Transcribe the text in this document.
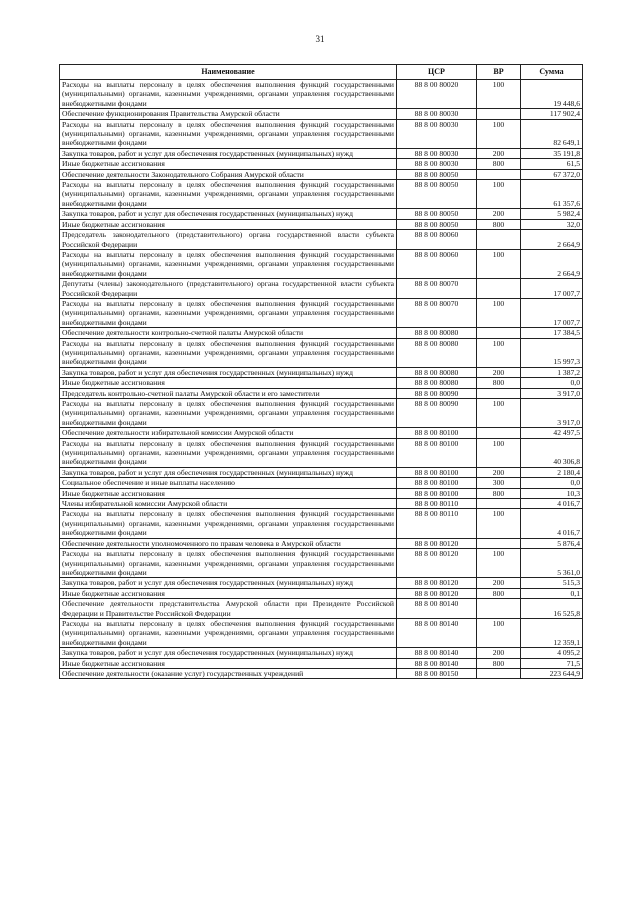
31
Наименование	ЦСР	ВР	Сумма
Расходы на выплаты персоналу в целях обеспечения выполнения функций государственными (муниципальными) органами, казенными учреждениями, органами управления государственными внебюджетными фондами	88 8 00 80020	100	19 448,6
Обеспечение функционирования Правительства Амурской области	88 8 00 80030		117 902,4
Расходы на выплаты персоналу в целях обеспечения выполнения функций государственными (муниципальными) органами, казенными учреждениями, органами управления государственными внебюджетными фондами	88 8 00 80030	100	82 649,1
Закупка товаров, работ и услуг для обеспечения государственных (муниципальных) нужд	88 8 00 80030	200	35 191,8
Иные бюджетные ассигнования	88 8 00 80030	800	61,5
Обеспечение деятельности Законодательного Собрания Амурской области	88 8 00 80050		67 372,0
Расходы на выплаты персоналу в целях обеспечения выполнения функций государственными (муниципальными) органами, казенными учреждениями, органами управления государственными внебюджетными фондами	88 8 00 80050	100	61 357,6
Закупка товаров, работ и услуг для обеспечения государственных (муниципальных) нужд	88 8 00 80050	200	5 982,4
Иные бюджетные ассигнования	88 8 00 80050	800	32,0
Председатель законодательного (представительного) органа государственной власти субъекта Российской Федерации	88 8 00 80060		2 664,9
Расходы на выплаты персоналу в целях обеспечения выполнения функций государственными (муниципальными) органами, казенными учреждениями, органами управления государственными внебюджетными фондами	88 8 00 80060	100	2 664,9
Депутаты (члены) законодательного (представительного) органа государственной власти субъекта Российской Федерации	88 8 00 80070		17 007,7
Расходы на выплаты персоналу в целях обеспечения выполнения функций государственными (муниципальными) органами, казенными учреждениями, органами управления государственными внебюджетными фондами	88 8 00 80070	100	17 007,7
Обеспечение деятельности контрольно-счетной палаты Амурской области	88 8 00 80080		17 384,5
Расходы на выплаты персоналу в целях обеспечения выполнения функций государственными (муниципальными) органами, казенными учреждениями, органами управления государственными внебюджетными фондами	88 8 00 80080	100	15 997,3
Закупка товаров, работ и услуг для обеспечения государственных (муниципальных) нужд	88 8 00 80080	200	1 387,2
Иные бюджетные ассигнования	88 8 00 80080	800	0,0
Председатель контрольно-счетной палаты Амурской области и его заместители	88 8 00 80090		3 917,0
Расходы на выплаты персоналу в целях обеспечения выполнения функций государственными (муниципальными) органами, казенными учреждениями, органами управления государственными внебюджетными фондами	88 8 00 80090	100	3 917,0
Обеспечение деятельности избирательной комиссии Амурской области	88 8 00 80100		42 497,5
Расходы на выплаты персоналу в целях обеспечения выполнения функций государственными (муниципальными) органами, казенными учреждениями, органами управления государственными внебюджетными фондами	88 8 00 80100	100	40 306,8
Закупка товаров, работ и услуг для обеспечения государственных (муниципальных) нужд	88 8 00 80100	200	2 180,4
Социальное обеспечение и иные выплаты населению	88 8 00 80100	300	0,0
Иные бюджетные ассигнования	88 8 00 80100	800	10,3
Члены избирательной комиссии Амурской области	88 8 00 80110		4 016,7
Расходы на выплаты персоналу в целях обеспечения выполнения функций государственными (муниципальными) органами, казенными учреждениями, органами управления государственными внебюджетными фондами	88 8 00 80110	100	4 016,7
Обеспечение деятельности уполномоченного по правам человека в Амурской области	88 8 00 80120		5 876,4
Расходы на выплаты персоналу в целях обеспечения выполнения функций государственными (муниципальными) органами, казенными учреждениями, органами управления государственными внебюджетными фондами	88 8 00 80120	100	5 361,0
Закупка товаров, работ и услуг для обеспечения государственных (муниципальных) нужд	88 8 00 80120	200	515,3
Иные бюджетные ассигнования	88 8 00 80120	800	0,1
Обеспечение деятельности представительства Амурской области при Президенте Российской Федерации и Правительстве Российской Федерации	88 8 00 80140		16 525,8
Расходы на выплаты персоналу в целях обеспечения выполнения функций государственными (муниципальными) органами, казенными учреждениями, органами управления государственными внебюджетными фондами	88 8 00 80140	100	12 359,1
Закупка товаров, работ и услуг для обеспечения государственных (муниципальных) нужд	88 8 00 80140	200	4 095,2
Иные бюджетные ассигнования	88 8 00 80140	800	71,5
Обеспечение деятельности (оказание услуг) государственных учреждений	88 8 00 80150		223 644,9
